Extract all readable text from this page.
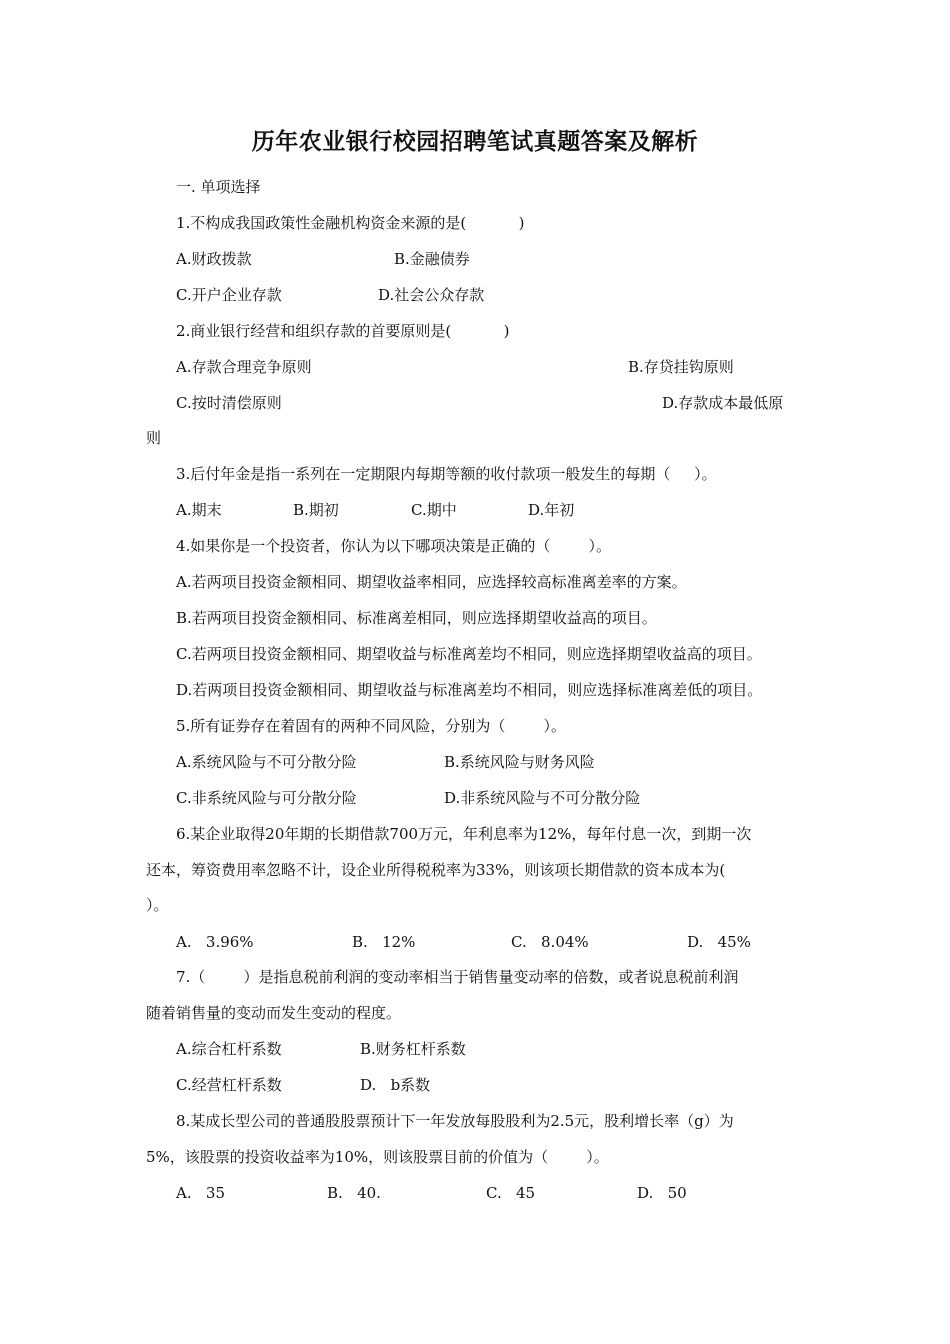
历年农业银行校园招聘笔试真题答案及解析
一. 单项选择
1.不构成我国政策性金融机构资金来源的是(           )
A.财政拨款	B.金融债券
C.开户企业存款	D.社会公众存款
2.商业银行经营和组织存款的首要原则是(           )
A.存款合理竞争原则	B.存贷挂钩原则
C.按时清偿原则	D.存款成本最低原
则
3.后付年金是指一系列在一定期限内每期等额的收付款项一般发生的每期（     ）。
A.期末	B.期初	C.期中	D.年初
4.如果你是一个投资者，你认为以下哪项决策是正确的（        ）。
A.若两项目投资金额相同、期望收益率相同，应选择较高标准离差率的方案。
B.若两项目投资金额相同、标准离差相同，则应选择期望收益高的项目。
C.若两项目投资金额相同、期望收益与标准离差均不相同，则应选择期望收益高的项目。
D.若两项目投资金额相同、期望收益与标准离差均不相同，则应选择标准离差低的项目。
5.所有证券存在着固有的两种不同风险，分别为（        ）。
A.系统风险与不可分散分险	B.系统风险与财务风险
C.非系统风险与可分散分险	D.非系统风险与不可分散分险
6.某企业取得20年期的长期借款700万元，年利息率为12%，每年付息一次，到期一次
还本，筹资费用率忽略不计，设企业所得税税率为33%，则该项长期借款的资本成本为(
）。
A.   3.96%	B.   12%	C.   8.04%	D.   45%
7.（        ）是指息税前利润的变动率相当于销售量变动率的倍数，或者说息税前利润
随着销售量的变动而发生变动的程度。
A.综合杠杆系数	B.财务杠杆系数
C.经营杠杆系数	D.   b系数
8.某成长型公司的普通股股票预计下一年发放每股股利为2.5元，股利增长率（g）为
5%，该股票的投资收益率为10%，则该股票目前的价值为（        ）。
A.   35	B.   40.	C.   45	D.   50
